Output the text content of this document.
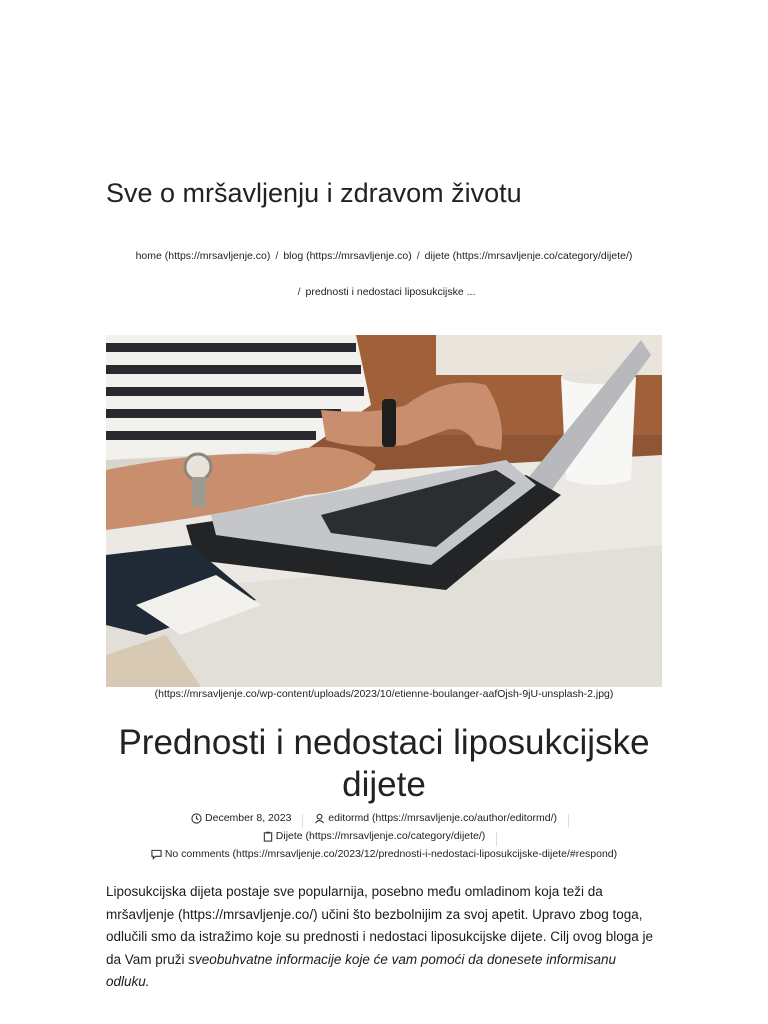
Sve o mršavljenju i zdravom životu
home (https://mrsavljenje.co) / blog (https://mrsavljenje.co) / dijete (https://mrsavljenje.co/category/dijete/)
/ prednosti i nedostaci liposukcijske ...
(https://mrsavljenje.co/wp-content/uploads/2023/10/etienne-boulanger-aafOjsh-9jU-unsplash-2.jpg)
Prednosti i nedostaci liposukcijske dijete
December 8, 2023
	editormd (https://mrsavljenje.co/author/editormd/)

Dijete (https://mrsavljenje.co/category/dijete/)

No comments (https://mrsavljenje.co/2023/12/prednosti-i-nedostaci-liposukcijske-dijete/#respond)

Liposukcijska dijeta postaje sve popularnija, posebno među omladinom koja teži da mršavljenje (https://mrsavljenje.co/) učini što bezbolnijim za svoj apetit. Upravo zbog toga, odlučili smo da istražimo koje su prednosti i nedostaci liposukcijske dijete. Cilj ovog bloga je da Vam pruži sveobuhvatne informacije koje će vam pomoći da donesete informisanu odluku.
